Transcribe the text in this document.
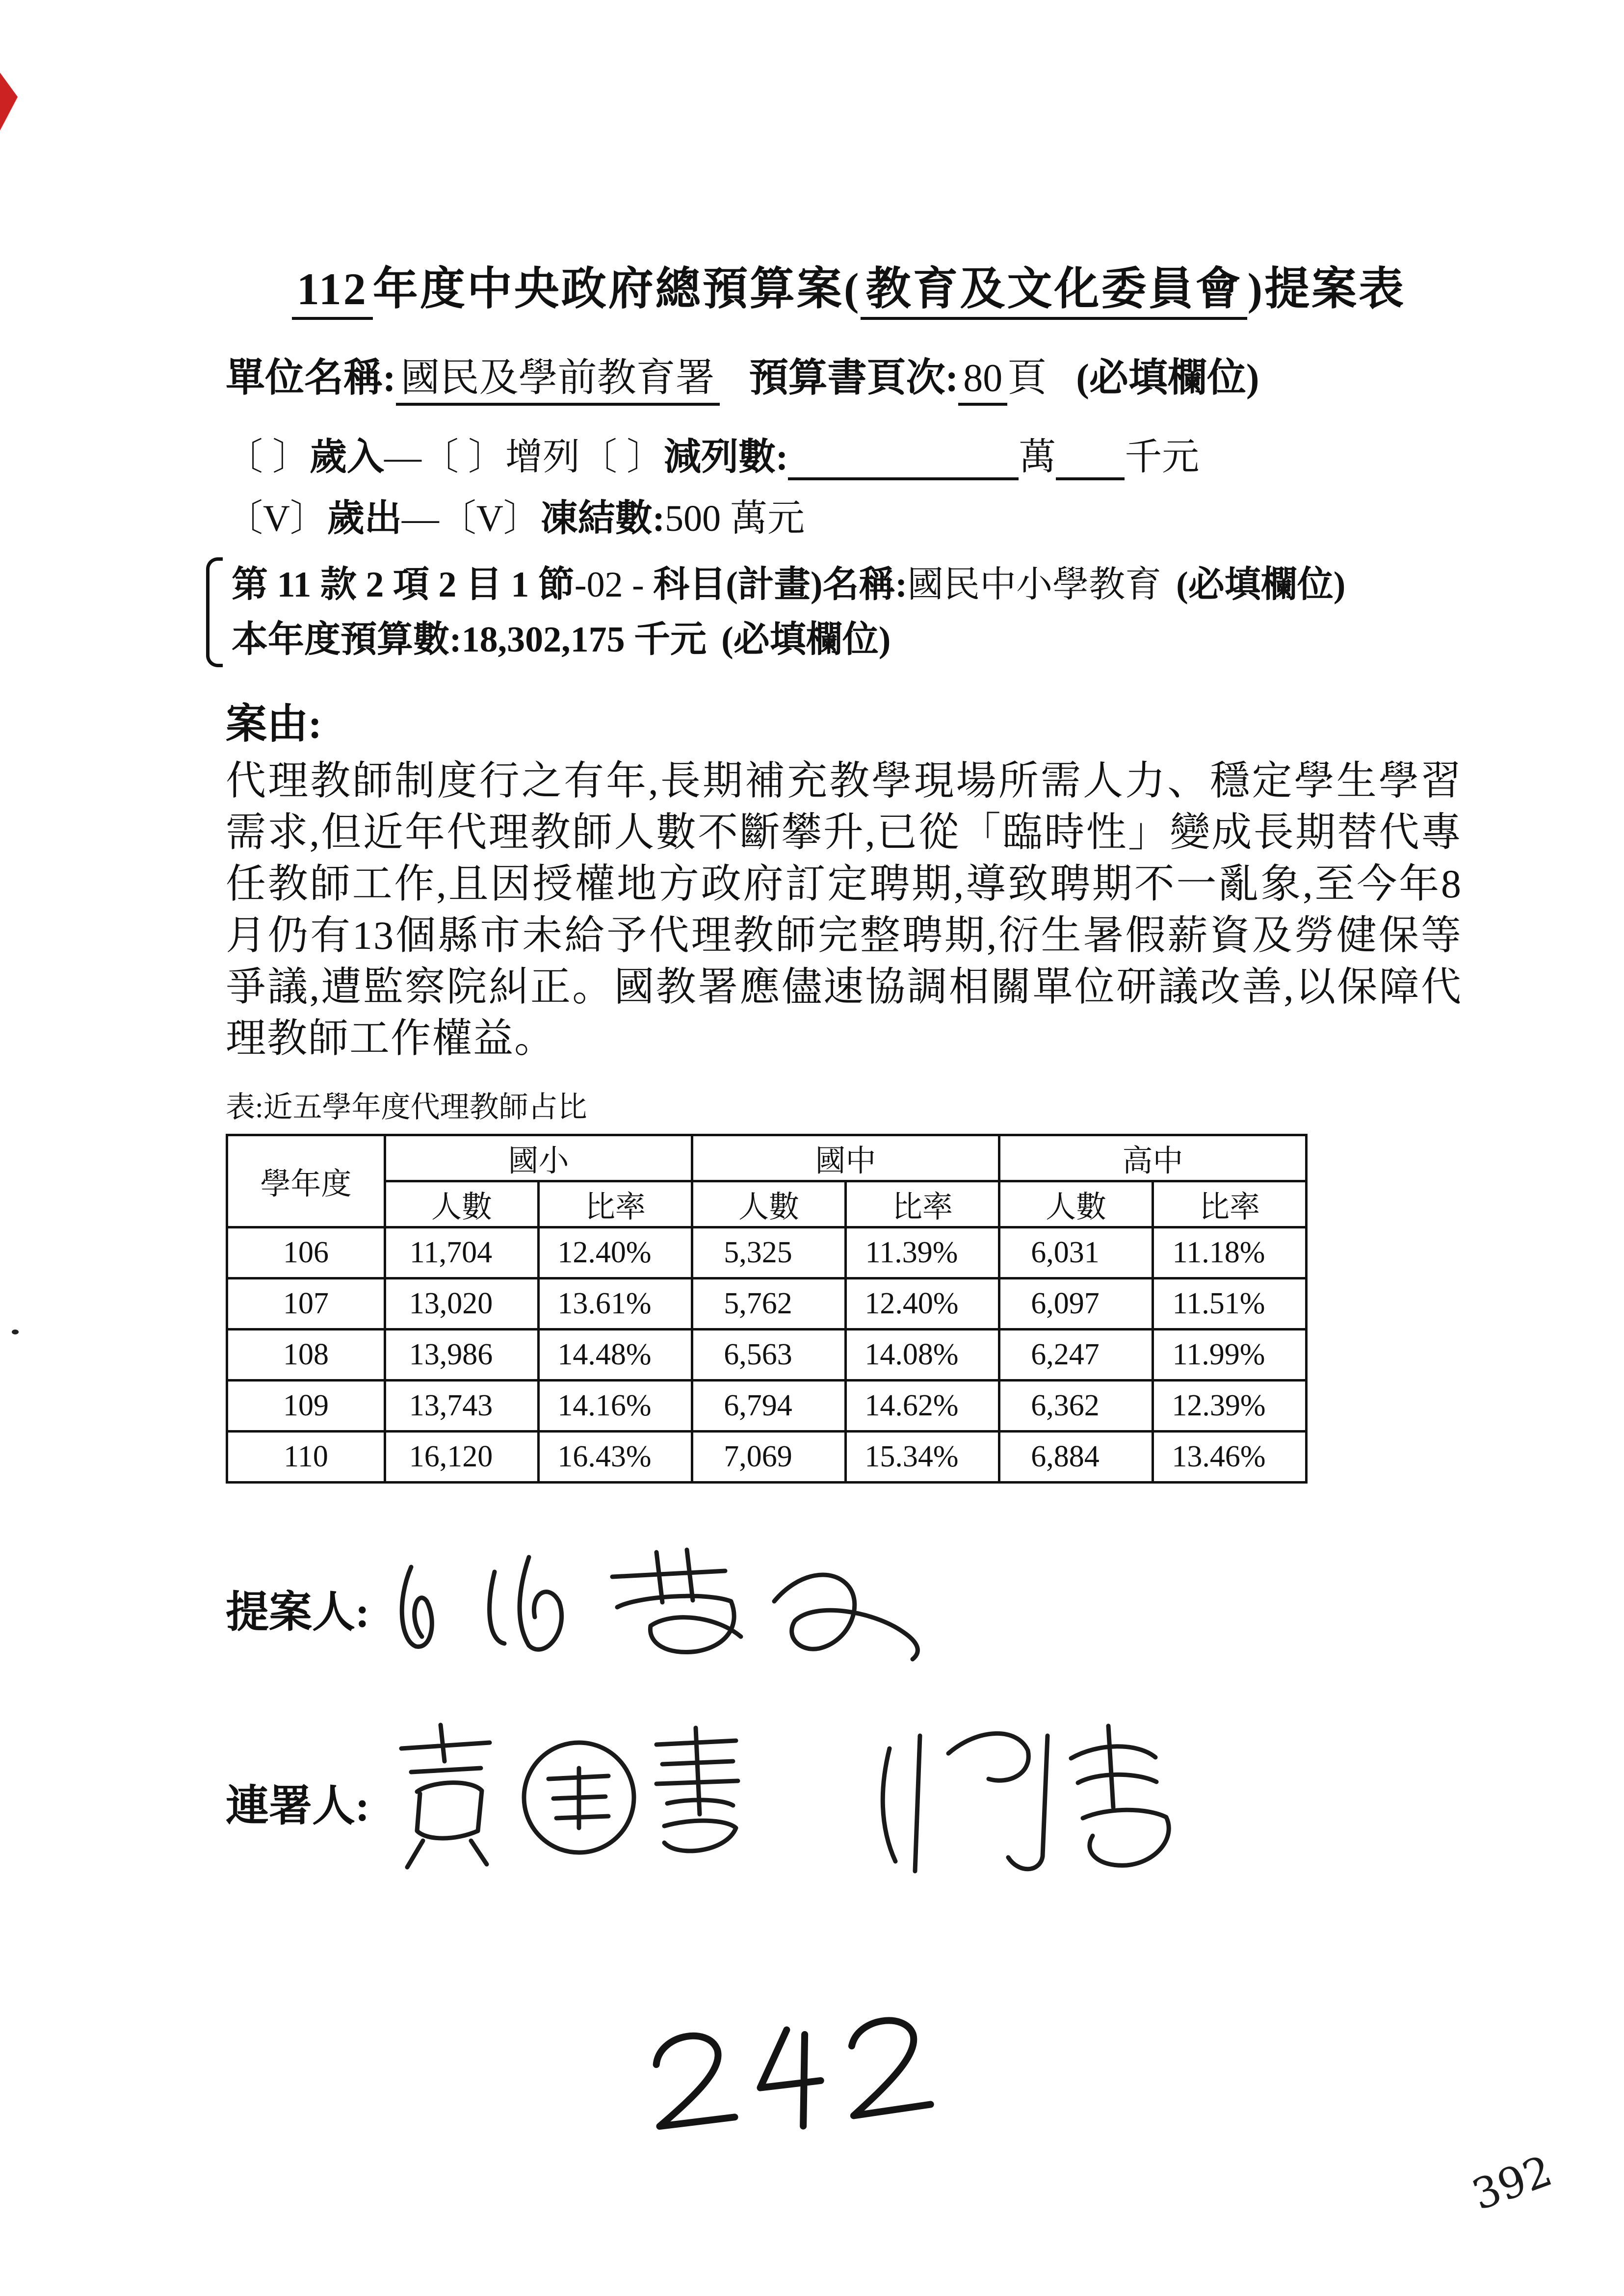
112 年度中央政府總預算案( 教育及文化委員會 )提案表
單位名稱: 國民及學前教育署 預算書頁次: 80 頁 (必填欄位)
〔 〕歲入—〔 〕增列〔 〕減列數:	萬 千元
〔V〕歲出—〔V〕凍結數:500 萬元
第 11 款 2 項 2 目 1 節-02 - 科目(計畫)名稱:國民中小學教育 (必填欄位)
本年度預算數:18,302,175 千元 (必填欄位)
案由:
代理教師制度行之有年,長期補充教學現場所需人力、穩定學生學習需求,但近年代理教師人數不斷攀升,已從「臨時性」變成長期替代專任教師工作,且因授權地方政府訂定聘期,導致聘期不一亂象,至今年8月仍有13個縣市未給予代理教師完整聘期,衍生暑假薪資及勞健保等爭議,遭監察院糾正。國教署應儘速協調相關單位研議改善,以保障代理教師工作權益。
表:近五學年度代理教師占比
學年度	國小		國中		高中	
	人數	比率	人數	比率	人數	比率
106	11,704	12.40%	5,325	11.39%	6,031	11.18%
107	13,020	13.61%	5,762	12.40%	6,097	11.51%
108	13,986	14.48%	6,563	14.08%	6,247	11.99%
109	13,743	14.16%	6,794	14.62%	6,362	12.39%
110	16,120	16.43%	7,069	15.34%	6,884	13.46%
提案人:
連署人:
392
